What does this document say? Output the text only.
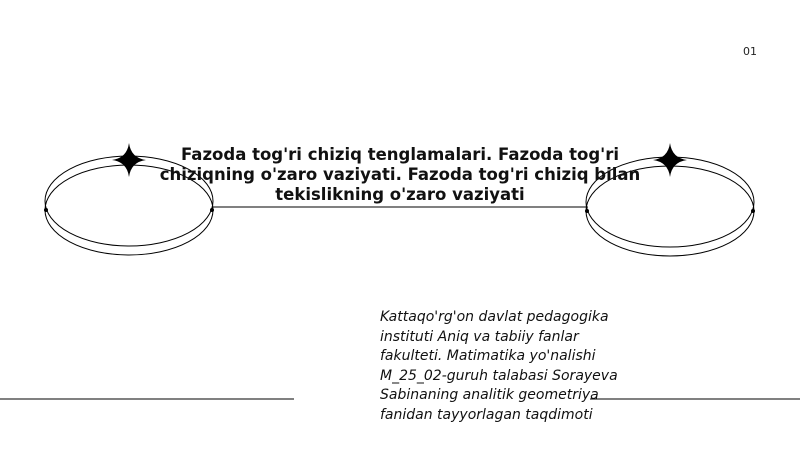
01
Fazoda tog'ri chiziq tenglamalari. Fazoda tog'ri chiziqning o'zaro vaziyati. Fazoda tog'ri chiziq bilan tekislikning o'zaro vaziyati
Kattaqo'rg'on davlat pedagogika
instituti Aniq va tabiiy fanlar
fakulteti. Matimatika yo'nalishi
M_25_02-guruh talabasi Sorayeva
Sabinaning analitik geometriya
fanidan tayyorlagan taqdimoti
